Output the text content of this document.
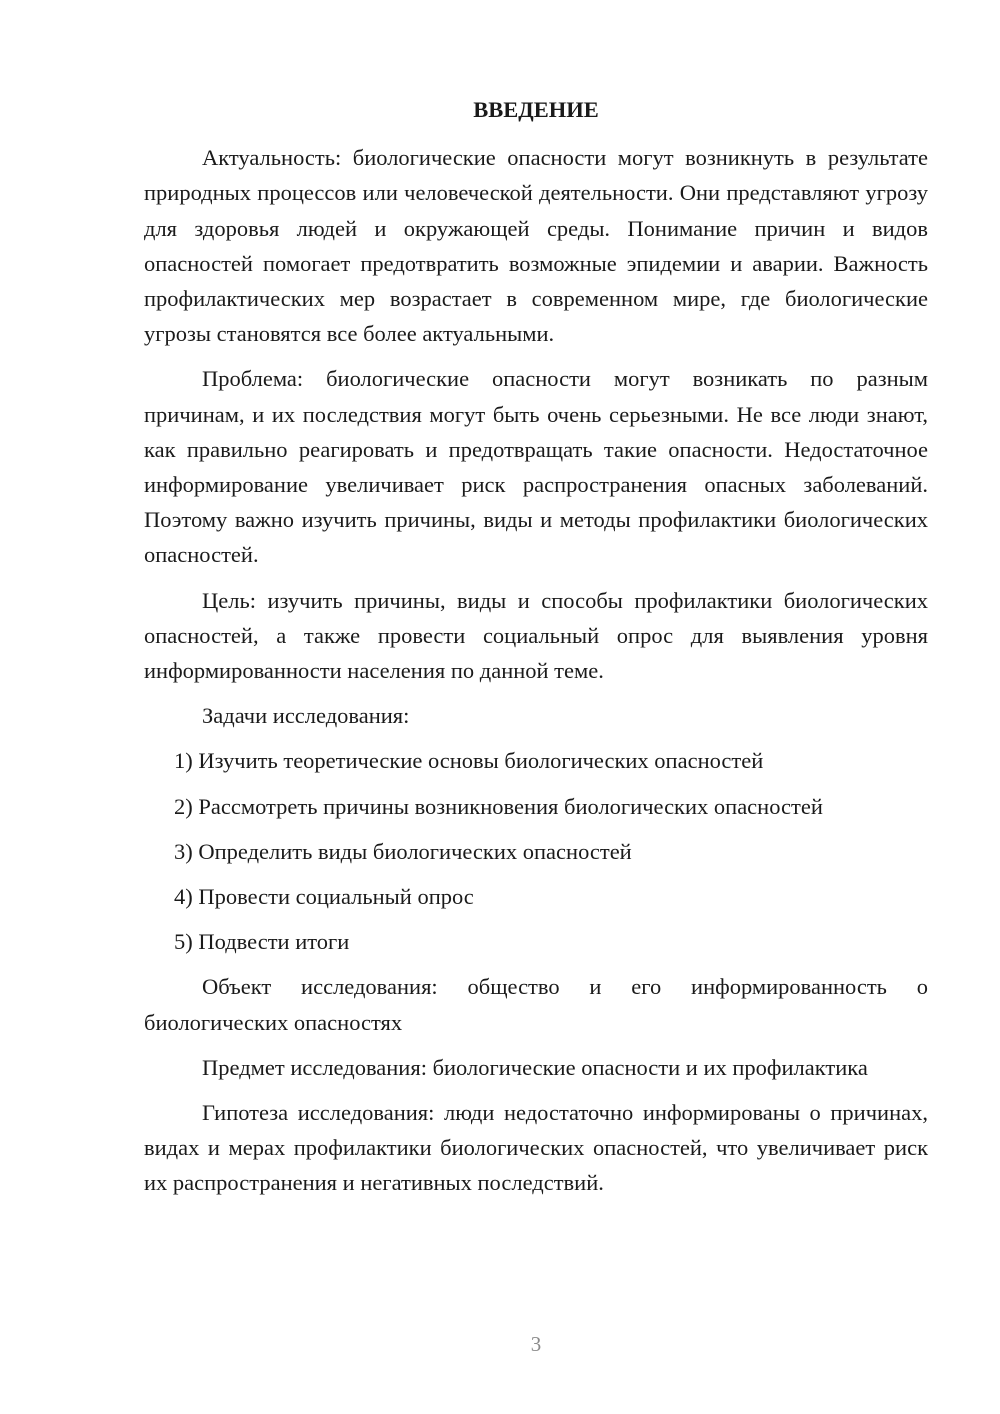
ВВЕДЕНИЕ

Актуальность: биологические опасности могут возникнуть в результате природных процессов или человеческой деятельности. Они представляют угрозу для здоровья людей и окружающей среды. Понимание причин и видов опасностей помогает предотвратить возможные эпидемии и аварии. Важность профилактических мер возрастает в современном мире, где биологические угрозы становятся все более актуальными.

Проблема: биологические опасности могут возникать по разным причинам, и их последствия могут быть очень серьезными. Не все люди знают, как правильно реагировать и предотвращать такие опасности. Недостаточное информирование увеличивает риск распространения опасных заболеваний. Поэтому важно изучить причины, виды и методы профилактики биологических опасностей.

Цель: изучить причины, виды и способы профилактики биологических опасностей, а также провести социальный опрос для выявления уровня информированности населения по данной теме.

Задачи исследования:

1) Изучить теоретические основы биологических опасностей

2) Рассмотреть причины возникновения биологических опасностей

3) Определить виды биологических опасностей

4) Провести социальный опрос

5) Подвести итоги

Объект исследования: общество и его информированность о биологических опасностях

Предмет исследования: биологические опасности и их профилактика

Гипотеза исследования: люди недостаточно информированы о причинах, видах и мерах профилактики биологических опасностей, что увеличивает риск их распространения и негативных последствий.

3
